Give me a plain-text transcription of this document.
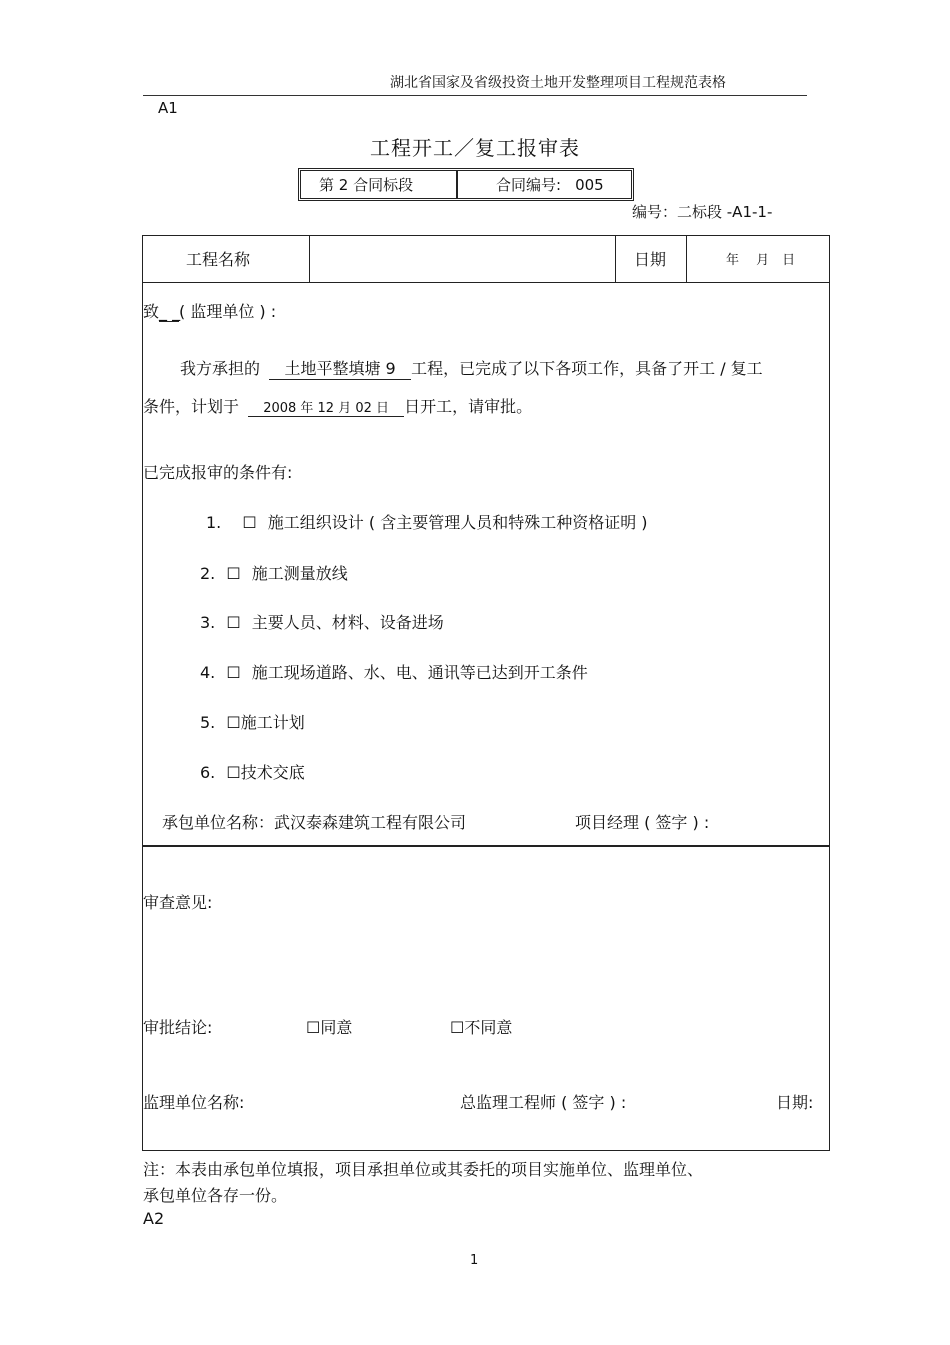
湖北省国家及省级投资土地开发整理项目工程规范表格
A1
工程开工／复工报审表
第 2 合同标段	合同编号: 005
编号：二标段 -A1-1-
工程名称	日期	年　 月　日
致_ _( 监理单位 ) :
我方承担的 土地平整填塘 9 工程，已完成了以下各项工作，具备了开工 / 复工
条件，计划于 2008 年 12 月 02 日 日开工，请审批。
已完成报审的条件有:
1. ☐ 施工组织设计 ( 含主要管理人员和特殊工种资格证明 )
2. ☐ 施工测量放线
3. ☐ 主要人员、材料、设备进场
4. ☐ 施工现场道路、水、电、通讯等已达到开工条件
5. ☐施工计划
6. ☐技术交底
承包单位名称：武汉泰森建筑工程有限公司	项目经理 ( 签字 ) :
审查意见:
审批结论:	☐同意	☐不同意
监理单位名称:	总监理工程师 ( 签字 ) :	日期:
注：本表由承包单位填报，项目承担单位或其委托的项目实施单位、监理单位、
承包单位各存一份。
A2
1
